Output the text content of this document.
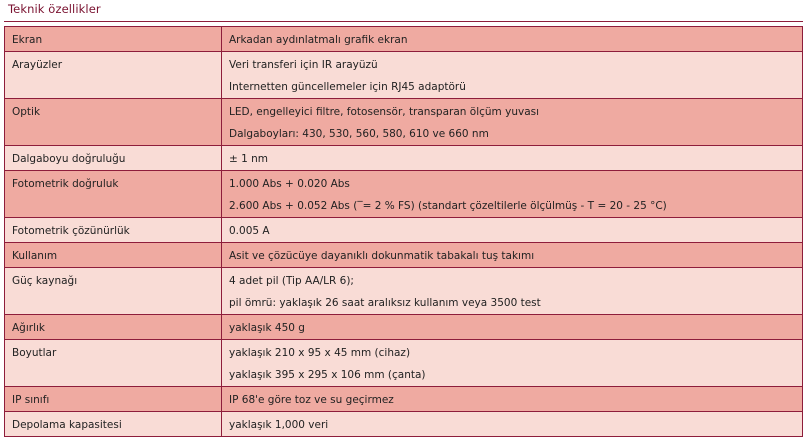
Teknik özellikler
Ekran	Arkadan aydınlatmalı grafik ekran

Arayüzler	Veri transferi için IR arayüzü
Internetten güncellemeler için RJ45 adaptörü

Optik	LED, engelleyici filtre, fotosensör, transparan ölçüm yuvası
Dalgaboyları: 430, 530, 560, 580, 610 ve 660 nm

Dalgaboyu doğruluğu	± 1 nm

Fotometrik doğruluk	1.000 Abs + 0.020 Abs
2.600 Abs + 0.052 Abs (‾= 2 % FS) (standart çözeltilerle ölçülmüş - T = 20 - 25 °C)

Fotometrik çözünürlük	0.005 A

Kullanım	Asit ve çözücüye dayanıklı dokunmatik tabakalı tuş takımı

Güç kaynağı	4 adet pil (Tip AA/LR 6);
pil ömrü: yaklaşık 26 saat aralıksız kullanım veya 3500 test

Ağırlık	yaklaşık 450 g

Boyutlar	yaklaşık 210 x 95 x 45 mm (cihaz)
yaklaşık 395 x 295 x 106 mm (çanta)

IP sınıfı	IP 68'e göre toz ve su geçirmez

Depolama kapasitesi	yaklaşık 1,000 veri
